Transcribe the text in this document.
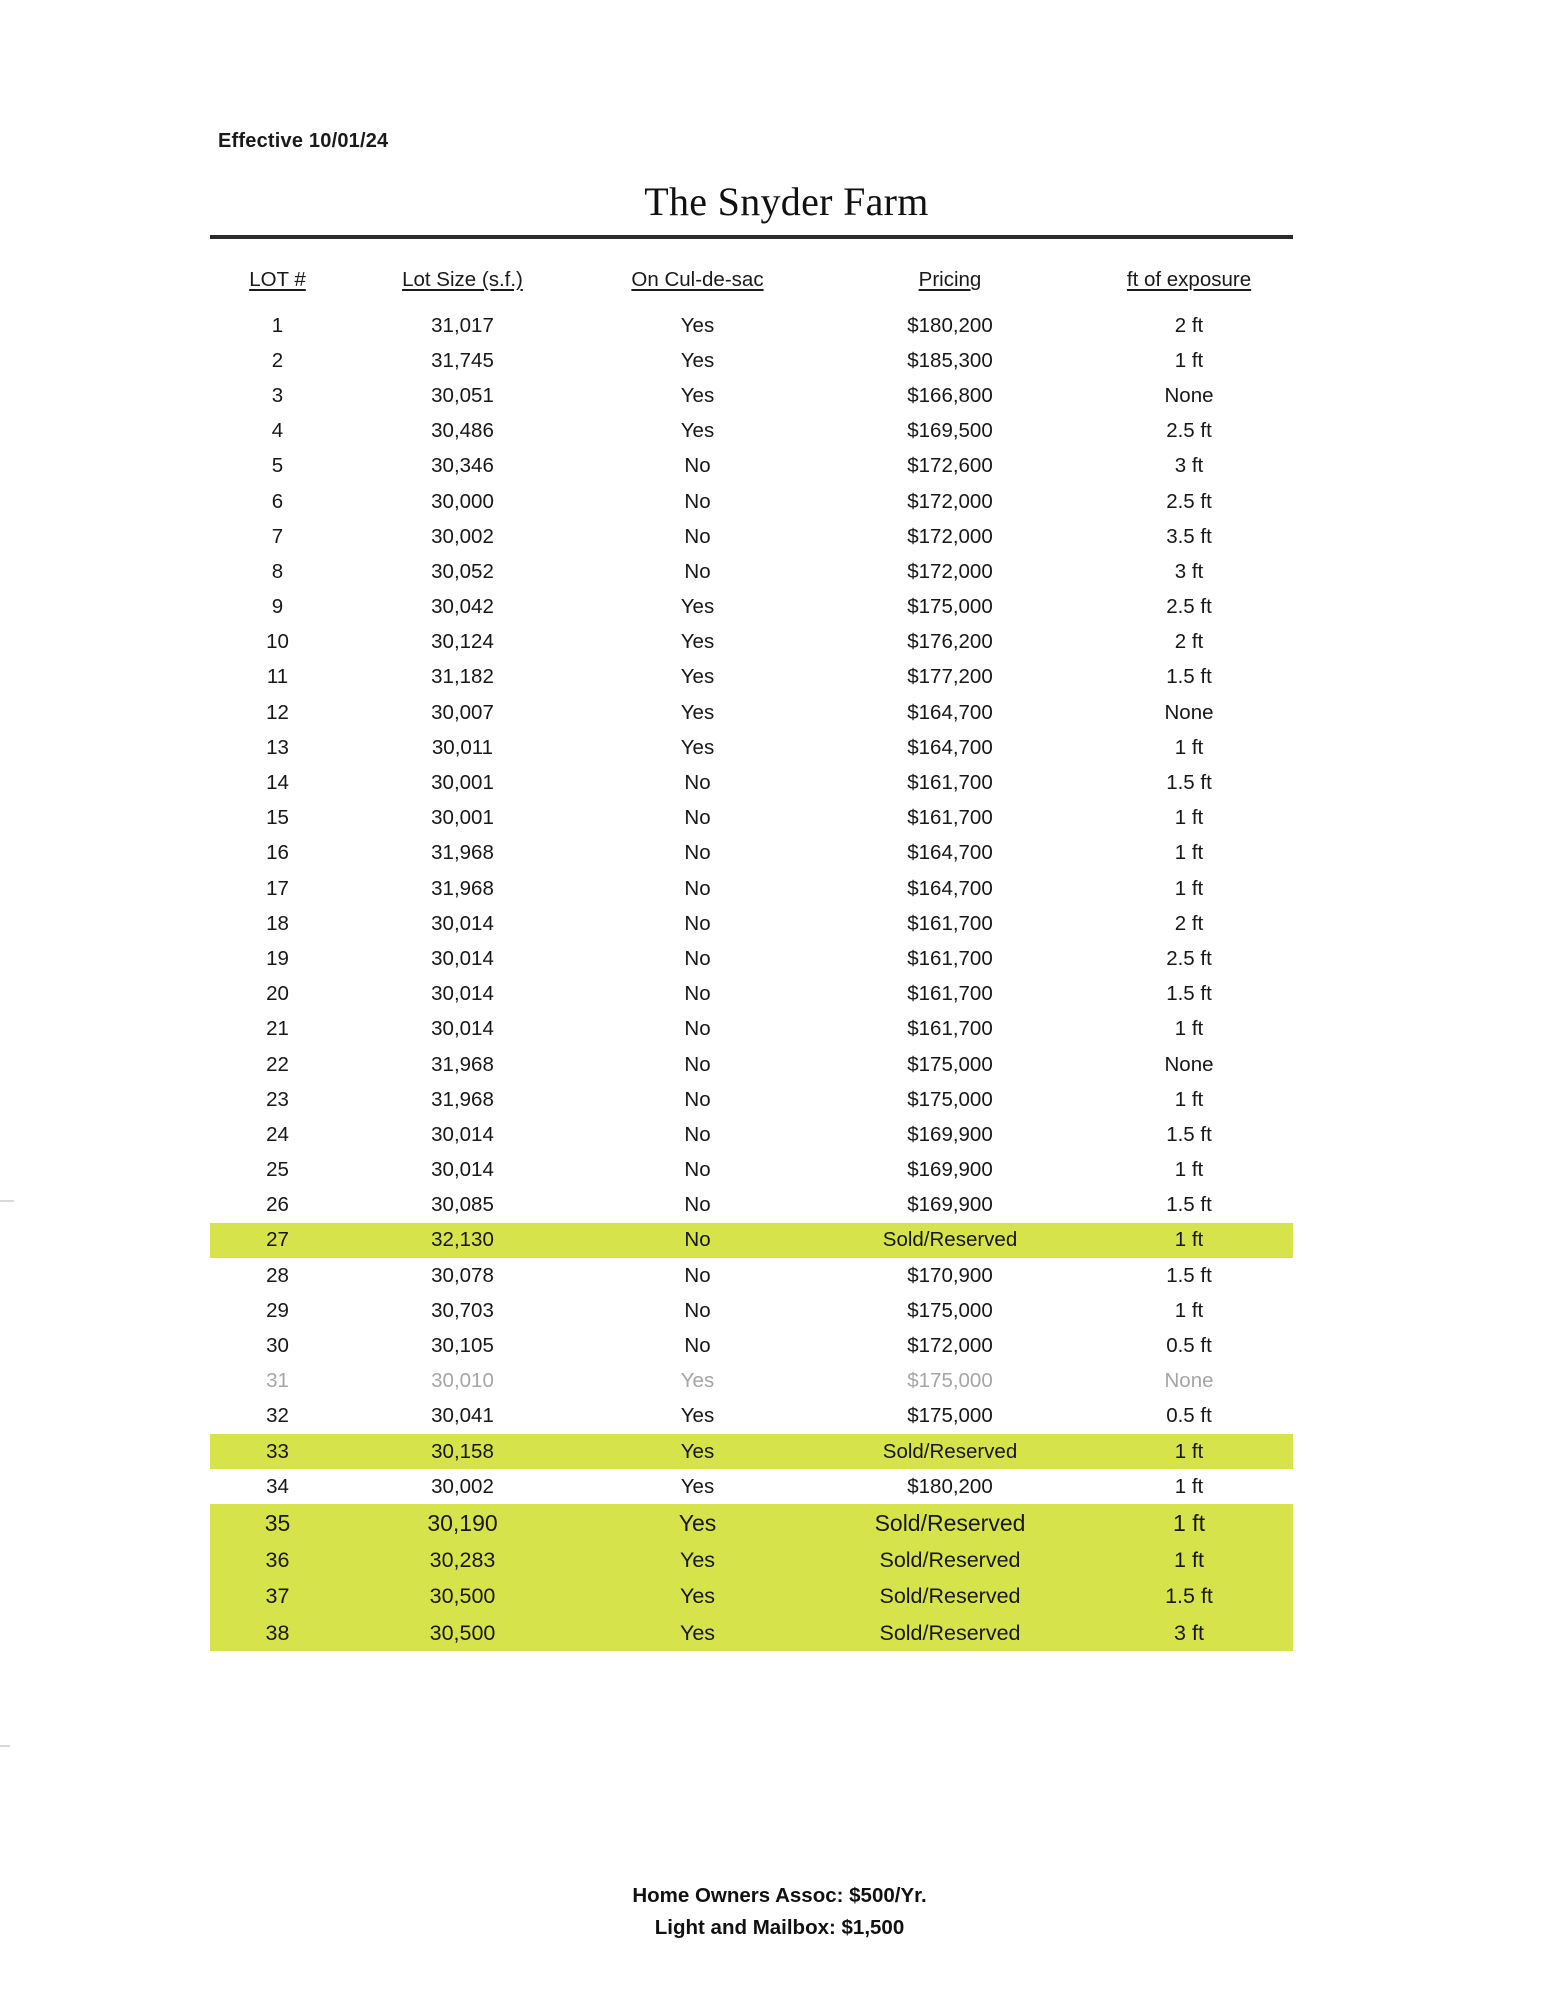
Effective 10/01/24
The Snyder Farm
LOT #	Lot Size (s.f.)	On Cul-de-sac	Pricing	ft of exposure
1	31,017	Yes	$180,200	2 ft
2	31,745	Yes	$185,300	1 ft
3	30,051	Yes	$166,800	None
4	30,486	Yes	$169,500	2.5 ft
5	30,346	No	$172,600	3 ft
6	30,000	No	$172,000	2.5 ft
7	30,002	No	$172,000	3.5 ft
8	30,052	No	$172,000	3 ft
9	30,042	Yes	$175,000	2.5 ft
10	30,124	Yes	$176,200	2 ft
11	31,182	Yes	$177,200	1.5 ft
12	30,007	Yes	$164,700	None
13	30,011	Yes	$164,700	1 ft
14	30,001	No	$161,700	1.5 ft
15	30,001	No	$161,700	1 ft
16	31,968	No	$164,700	1 ft
17	31,968	No	$164,700	1 ft
18	30,014	No	$161,700	2 ft
19	30,014	No	$161,700	2.5 ft
20	30,014	No	$161,700	1.5 ft
21	30,014	No	$161,700	1 ft
22	31,968	No	$175,000	None
23	31,968	No	$175,000	1 ft
24	30,014	No	$169,900	1.5 ft
25	30,014	No	$169,900	1 ft
26	30,085	No	$169,900	1.5 ft
27	32,130	No	Sold/Reserved	1 ft
28	30,078	No	$170,900	1.5 ft
29	30,703	No	$175,000	1 ft
30	30,105	No	$172,000	0.5 ft
31	30,010	Yes	$175,000	None
32	30,041	Yes	$175,000	0.5 ft
33	30,158	Yes	Sold/Reserved	1 ft
34	30,002	Yes	$180,200	1 ft
35	30,190	Yes	Sold/Reserved	1 ft
36	30,283	Yes	Sold/Reserved	1 ft
37	30,500	Yes	Sold/Reserved	1.5 ft
38	30,500	Yes	Sold/Reserved	3 ft
Home Owners Assoc: $500/Yr.
Light and Mailbox: $1,500
